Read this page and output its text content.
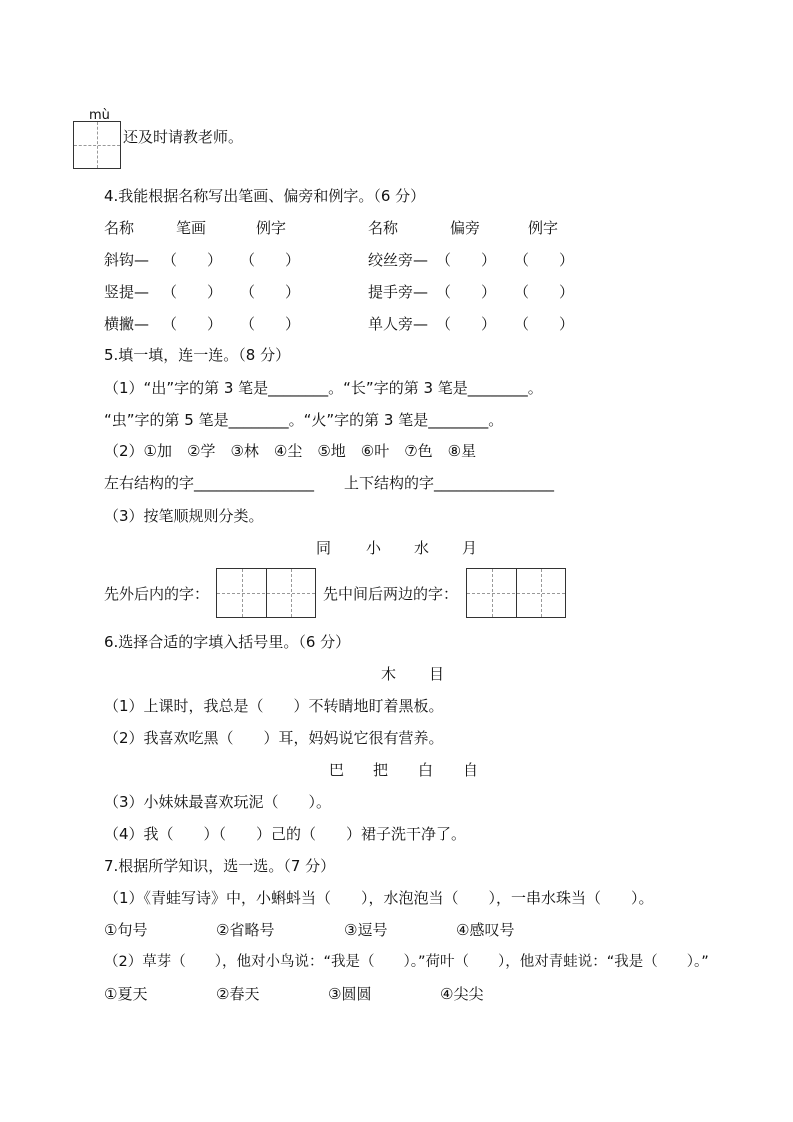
mù
还及时请教老师。
4.我能根据名称写出笔画、偏旁和例字。（6 分）
名称	笔画	例字	名称	偏旁	例字
斜钩— （　　） （　　）	绞丝旁— （　　） （　　）
竖提— （　　） （　　）	提手旁— （　　） （　　）
横撇— （　　） （　　）	单人旁— （　　） （　　）
5.填一填，连一连。（8 分）
（1）“出”字的第 3 笔是________。“长”字的第 3 笔是________。
“虫”字的第 5 笔是________。“火”字的第 3 笔是________。
（2）①加　②学　③林　④尘　⑤地　⑥叶　⑦色　⑧星
左右结构的字________________ 上下结构的字________________
（3）按笔顺规则分类。
同 小 水 月
先外后内的字：	先中间后两边的字：
6.选择合适的字填入括号里。（6 分）
木 目
（1）上课时，我总是（　　）不转睛地盯着黑板。
（2）我喜欢吃黑（　　）耳，妈妈说它很有营养。
巴 把 白 自
（3）小妹妹最喜欢玩泥（　　）。
（4）我（　　）（　　）己的（　　）裙子洗干净了。
7.根据所学知识，选一选。（7 分）
（1）《青蛙写诗》中，小蝌蚪当（　　），水泡泡当（　　），一串水珠当（　　）。
①句号	②省略号	③逗号	④感叹号
（2）草芽（　　），他对小鸟说：“我是（　　）。”荷叶（　　），他对青蛙说：“我是（　　）。”
①夏天	②春天	③圆圆	④尖尖
